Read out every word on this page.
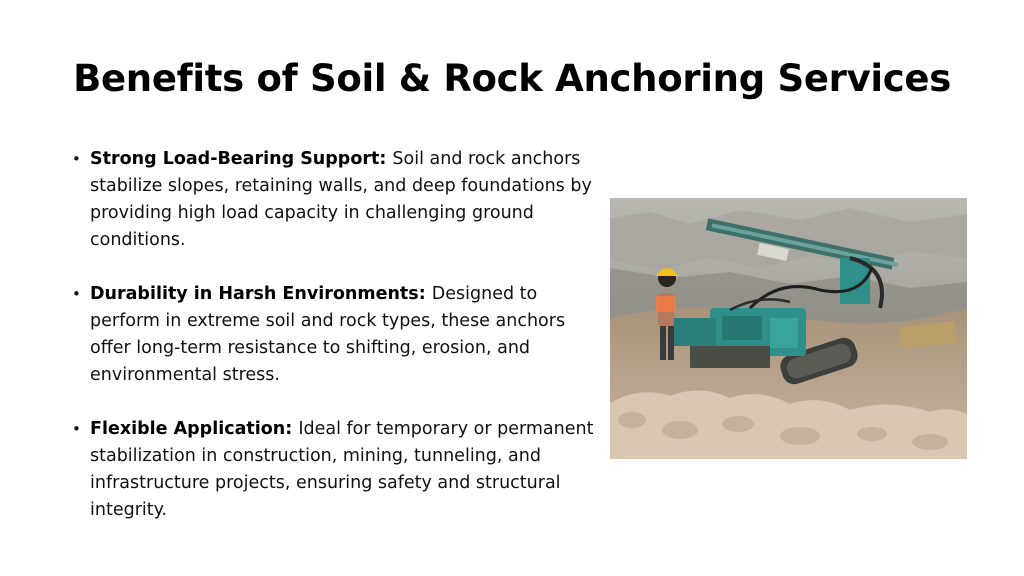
Benefits of Soil & Rock Anchoring Services
• Strong Load-Bearing Support: Soil and rock anchors stabilize slopes, retaining walls, and deep foundations by providing high load capacity in challenging ground conditions.
• Durability in Harsh Environments: Designed to perform in extreme soil and rock types, these anchors offer long-term resistance to shifting, erosion, and environmental stress.
• Flexible Application: Ideal for temporary or permanent stabilization in construction, mining, tunneling, and infrastructure projects, ensuring safety and structural integrity.
